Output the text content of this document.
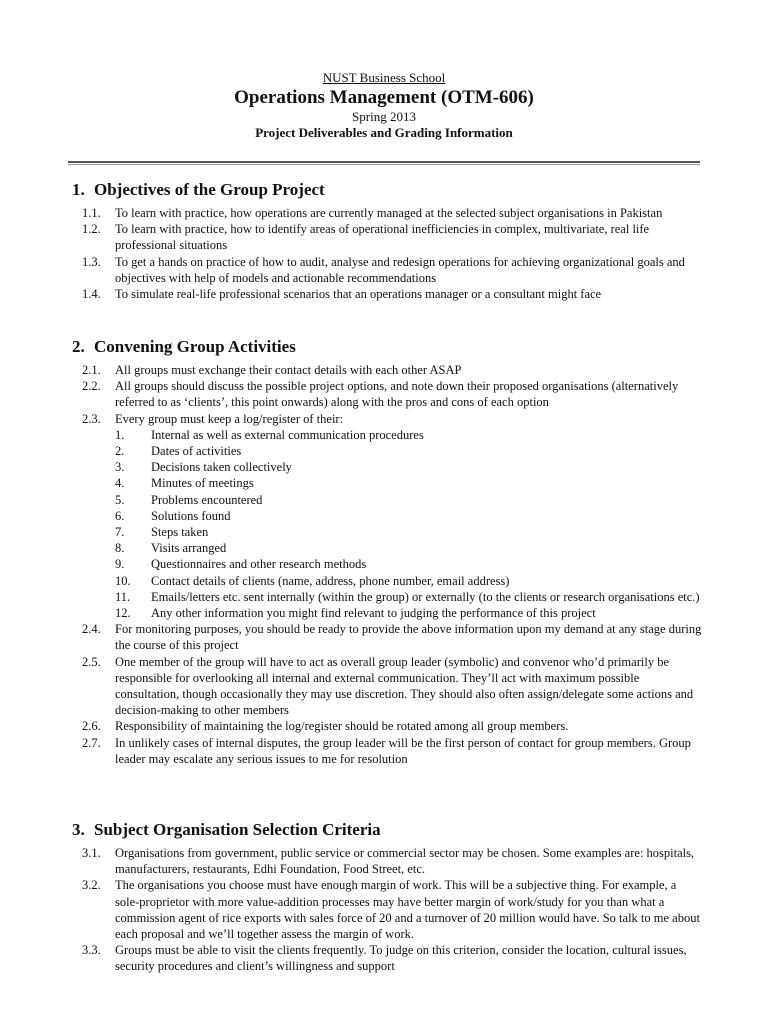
NUST Business School
Operations Management (OTM-606)
Spring 2013
Project Deliverables and Grading Information
1. Objectives of the Group Project
1.1. To learn with practice, how operations are currently managed at the selected subject organisations in Pakistan
1.2. To learn with practice, how to identify areas of operational inefficiencies in complex, multivariate, real life professional situations
1.3. To get a hands on practice of how to audit, analyse and redesign operations for achieving organizational goals and objectives with help of models and actionable recommendations
1.4. To simulate real-life professional scenarios that an operations manager or a consultant might face
2. Convening Group Activities
2.1. All groups must exchange their contact details with each other ASAP
2.2. All groups should discuss the possible project options, and note down their proposed organisations (alternatively referred to as ‘clients’, this point onwards) along with the pros and cons of each option
2.3. Every group must keep a log/register of their:
1. Internal as well as external communication procedures
2. Dates of activities
3. Decisions taken collectively
4. Minutes of meetings
5. Problems encountered
6. Solutions found
7. Steps taken
8. Visits arranged
9. Questionnaires and other research methods
10. Contact details of clients (name, address, phone number, email address)
11. Emails/letters etc. sent internally (within the group) or externally (to the clients or research organisations etc.)
12. Any other information you might find relevant to judging the performance of this project
2.4. For monitoring purposes, you should be ready to provide the above information upon my demand at any stage during the course of this project
2.5. One member of the group will have to act as overall group leader (symbolic) and convenor who’d primarily be responsible for overlooking all internal and external communication. They’ll act with maximum possible consultation, though occasionally they may use discretion. They should also often assign/delegate some actions and decision-making to other members
2.6. Responsibility of maintaining the log/register should be rotated among all group members.
2.7. In unlikely cases of internal disputes, the group leader will be the first person of contact for group members. Group leader may escalate any serious issues to me for resolution
3. Subject Organisation Selection Criteria
3.1. Organisations from government, public service or commercial sector may be chosen. Some examples are: hospitals, manufacturers, restaurants, Edhi Foundation, Food Street, etc.
3.2. The organisations you choose must have enough margin of work. This will be a subjective thing. For example, a sole-proprietor with more value-addition processes may have better margin of work/study for you than what a commission agent of rice exports with sales force of 20 and a turnover of 20 million would have. So talk to me about each proposal and we’ll together assess the margin of work.
3.3. Groups must be able to visit the clients frequently. To judge on this criterion, consider the location, cultural issues, security procedures and client’s willingness and support
